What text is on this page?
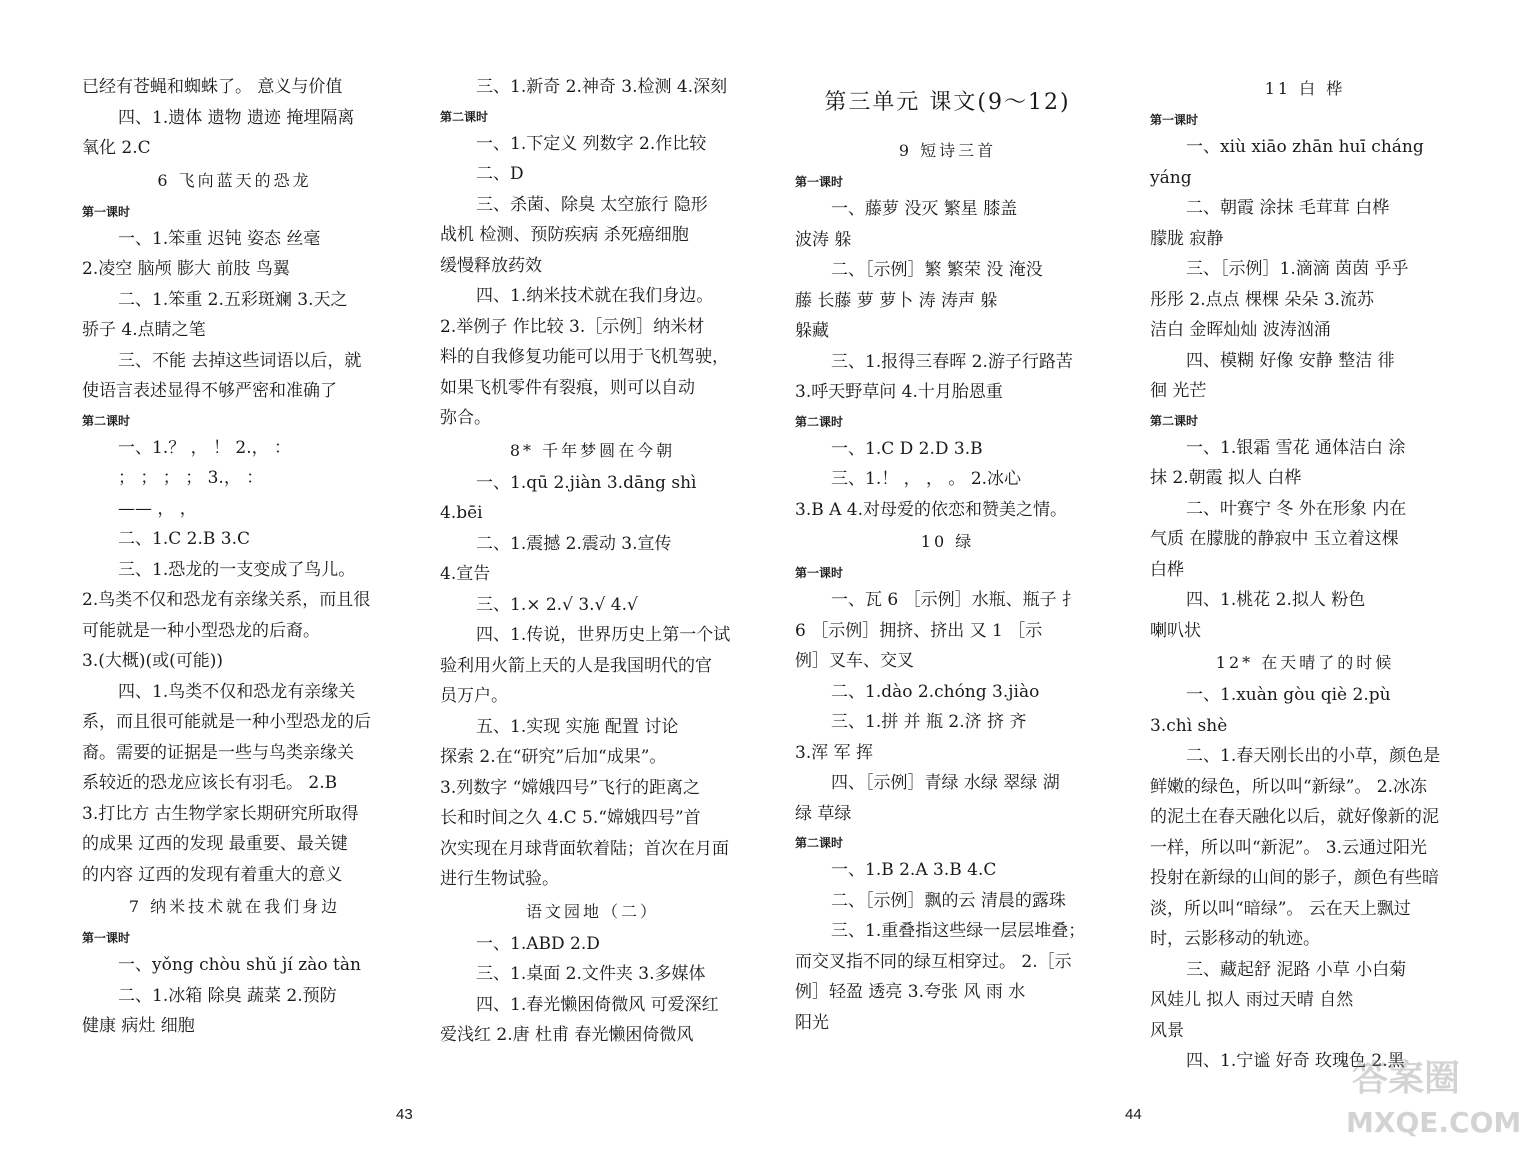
已经有苍蝇和蜘蛛了。 意义与价值
四、1.遗体 遗物 遗迹 掩埋隔离
氧化 2.C
6 飞向蓝天的恐龙
第一课时
一、1.笨重 迟钝 姿态 丝毫
2.凌空 脑颅 膨大 前肢 鸟翼
二、1.笨重 2.五彩斑斓 3.天之
骄子 4.点睛之笔
三、不能 去掉这些词语以后，就
使语言表述显得不够严密和准确了
第二课时
一、1.？ ， ！ 2.， ：
； ； ； ； 3.， ：
—— ， ，
二、1.C 2.B 3.C
三、1.恐龙的一支变成了鸟儿。
2.鸟类不仅和恐龙有亲缘关系，而且很
可能就是一种小型恐龙的后裔。
3.(大概)(或(可能))
四、1.鸟类不仅和恐龙有亲缘关
系，而且很可能就是一种小型恐龙的后
裔。需要的证据是一些与鸟类亲缘关
系较近的恐龙应该长有羽毛。 2.B
3.打比方 古生物学家长期研究所取得
的成果 辽西的发现 最重要、最关键
的内容 辽西的发现有着重大的意义
7 纳米技术就在我们身边
第一课时
一、yǒng chòu shǔ jí zào tàn
二、1.冰箱 除臭 蔬菜 2.预防
健康 病灶 细胞
三、1.新奇 2.神奇 3.检测 4.深刻
第二课时
一、1.下定义 列数字 2.作比较
二、D
三、杀菌、除臭 太空旅行 隐形
战机 检测、预防疾病 杀死癌细胞
缓慢释放药效
四、1.纳米技术就在我们身边。
2.举例子 作比较 3.［示例］纳米材
料的自我修复功能可以用于飞机驾驶，
如果飞机零件有裂痕，则可以自动
弥合。
8* 千年梦圆在今朝
一、1.qū 2.jiàn 3.dāng shì
4.bēi
二、1.震撼 2.震动 3.宣传
4.宣告
三、1.× 2.√ 3.√ 4.√
四、1.传说，世界历史上第一个试
验利用火箭上天的人是我国明代的官
员万户。
五、1.实现 实施 配置 讨论
探索 2.在“研究”后加“成果”。
3.列数字 “嫦娥四号”飞行的距离之
长和时间之久 4.C 5.“嫦娥四号”首
次实现在月球背面软着陆；首次在月面
进行生物试验。
语文园地（二）
一、1.ABD 2.D
三、1.桌面 2.文件夹 3.多媒体
四、1.春光懒困倚微风 可爱深红
爱浅红 2.唐 杜甫 春光懒困倚微风
第三单元 课文(9～12)
9 短诗三首
第一课时
一、藤萝 没灭 繁星 膝盖
波涛 躲
二、［示例］繁 繁荣 没 淹没
藤 长藤 萝 萝卜 涛 涛声 躲
躲藏
三、1.报得三春晖 2.游子行路苦
3.呼天野草问 4.十月胎恩重
第二课时
一、1.C D 2.D 3.B
三、1.！ ， ， 。 2.冰心
3.B A 4.对母爱的依恋和赞美之情。
10 绿
第一课时
一、瓦 6 ［示例］水瓶、瓶子 扌
6 ［示例］拥挤、挤出 又 1 ［示
例］叉车、交叉
二、1.dào 2.chóng 3.jiào
三、1.拼 并 瓶 2.济 挤 齐
3.浑 军 挥
四、［示例］青绿 水绿 翠绿 湖
绿 草绿
第二课时
一、1.B 2.A 3.B 4.C
二、［示例］飘的云 清晨的露珠
三、1.重叠指这些绿一层层堆叠；
而交叉指不同的绿互相穿过。 2.［示
例］轻盈 透亮 3.夸张 风 雨 水
阳光
11 白 桦
第一课时
一、xiù xiāo zhān huī cháng
yáng
二、朝霞 涂抹 毛茸茸 白桦
朦胧 寂静
三、［示例］1.滴滴 茵茵 乎乎
彤彤 2.点点 棵棵 朵朵 3.流苏
洁白 金晖灿灿 波涛汹涌
四、模糊 好像 安静 整洁 徘
徊 光芒
第二课时
一、1.银霜 雪花 通体洁白 涂
抹 2.朝霞 拟人 白桦
二、叶赛宁 冬 外在形象 内在
气质 在朦胧的静寂中 玉立着这棵
白桦
四、1.桃花 2.拟人 粉色
喇叭状
12* 在天晴了的时候
一、1.xuàn gòu qiè 2.pù
3.chì shè
二、1.春天刚长出的小草，颜色是
鲜嫩的绿色，所以叫“新绿”。 2.冰冻
的泥土在春天融化以后，就好像新的泥
一样，所以叫“新泥”。 3.云通过阳光
投射在新绿的山间的影子，颜色有些暗
淡，所以叫“暗绿”。 云在天上飘过
时，云影移动的轨迹。
三、藏起舒 泥路 小草 小白菊
风娃儿 拟人 雨过天晴 自然
风景
四、1.宁谧 好奇 玫瑰色 2.黑
43	44
答案圈
MXQE.COM
